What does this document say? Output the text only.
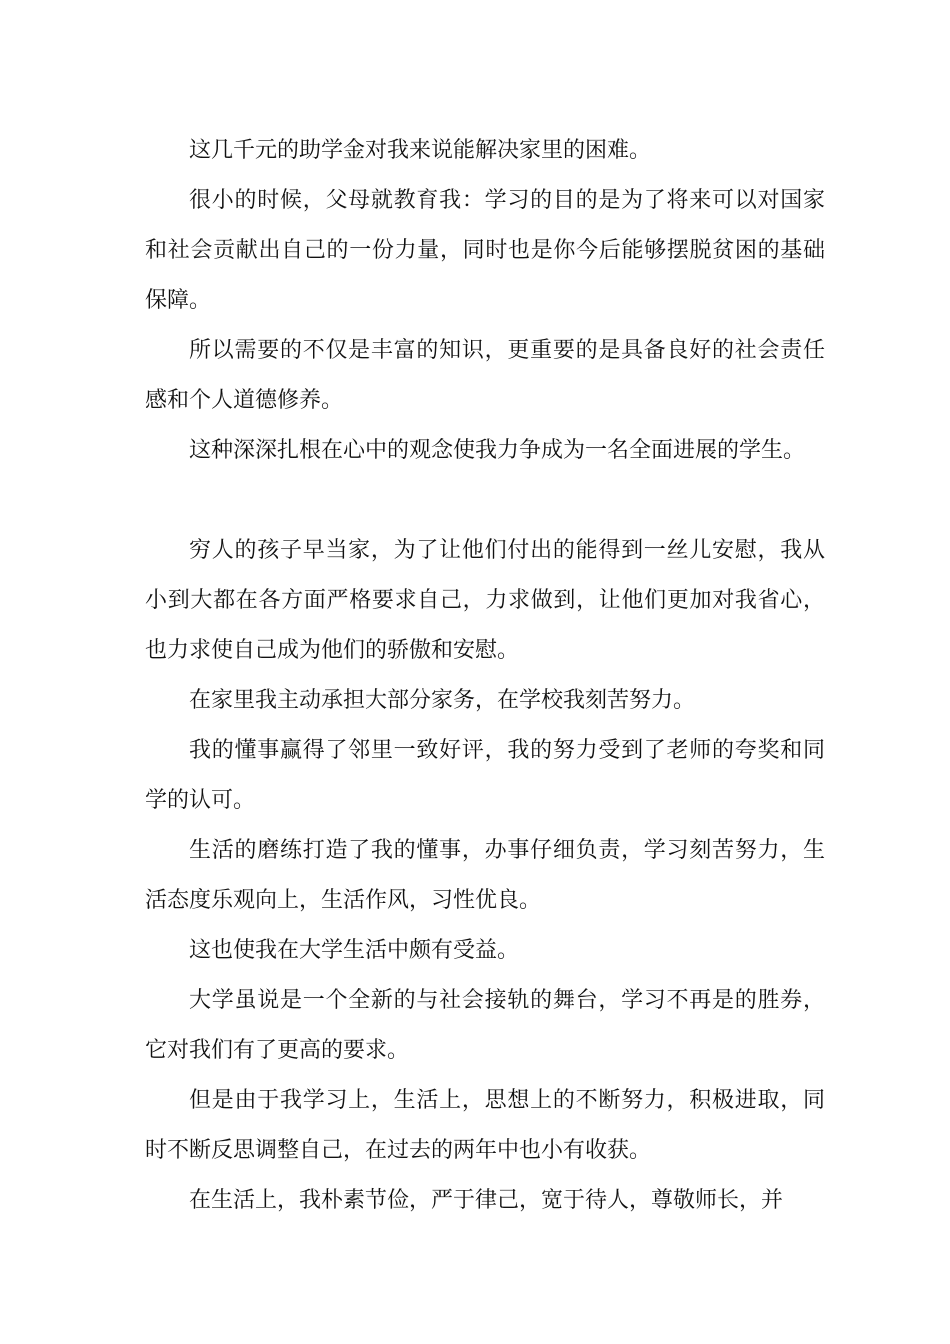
这几千元的助学金对我来说能解决家里的困难。

很小的时候，父母就教育我：学习的目的是为了将来可以对国家和社会贡献出自己的一份力量，同时也是你今后能够摆脱贫困的基础保障。

所以需要的不仅是丰富的知识，更重要的是具备良好的社会责任感和个人道德修养。

这种深深扎根在心中的观念使我力争成为一名全面进展的学生。

穷人的孩子早当家，为了让他们付出的能得到一丝儿安慰，我从小到大都在各方面严格要求自己，力求做到，让他们更加对我省心，也力求使自己成为他们的骄傲和安慰。

在家里我主动承担大部分家务，在学校我刻苦努力。

我的懂事赢得了邻里一致好评，我的努力受到了老师的夸奖和同学的认可。

生活的磨练打造了我的懂事，办事仔细负责，学习刻苦努力，生活态度乐观向上，生活作风，习性优良。

这也使我在大学生活中颇有受益。

大学虽说是一个全新的与社会接轨的舞台，学习不再是的胜券，它对我们有了更高的要求。

但是由于我学习上，生活上，思想上的不断努力，积极进取，同时不断反思调整自己，在过去的两年中也小有收获。

在生活上，我朴素节俭，严于律己，宽于待人，尊敬师长，并
